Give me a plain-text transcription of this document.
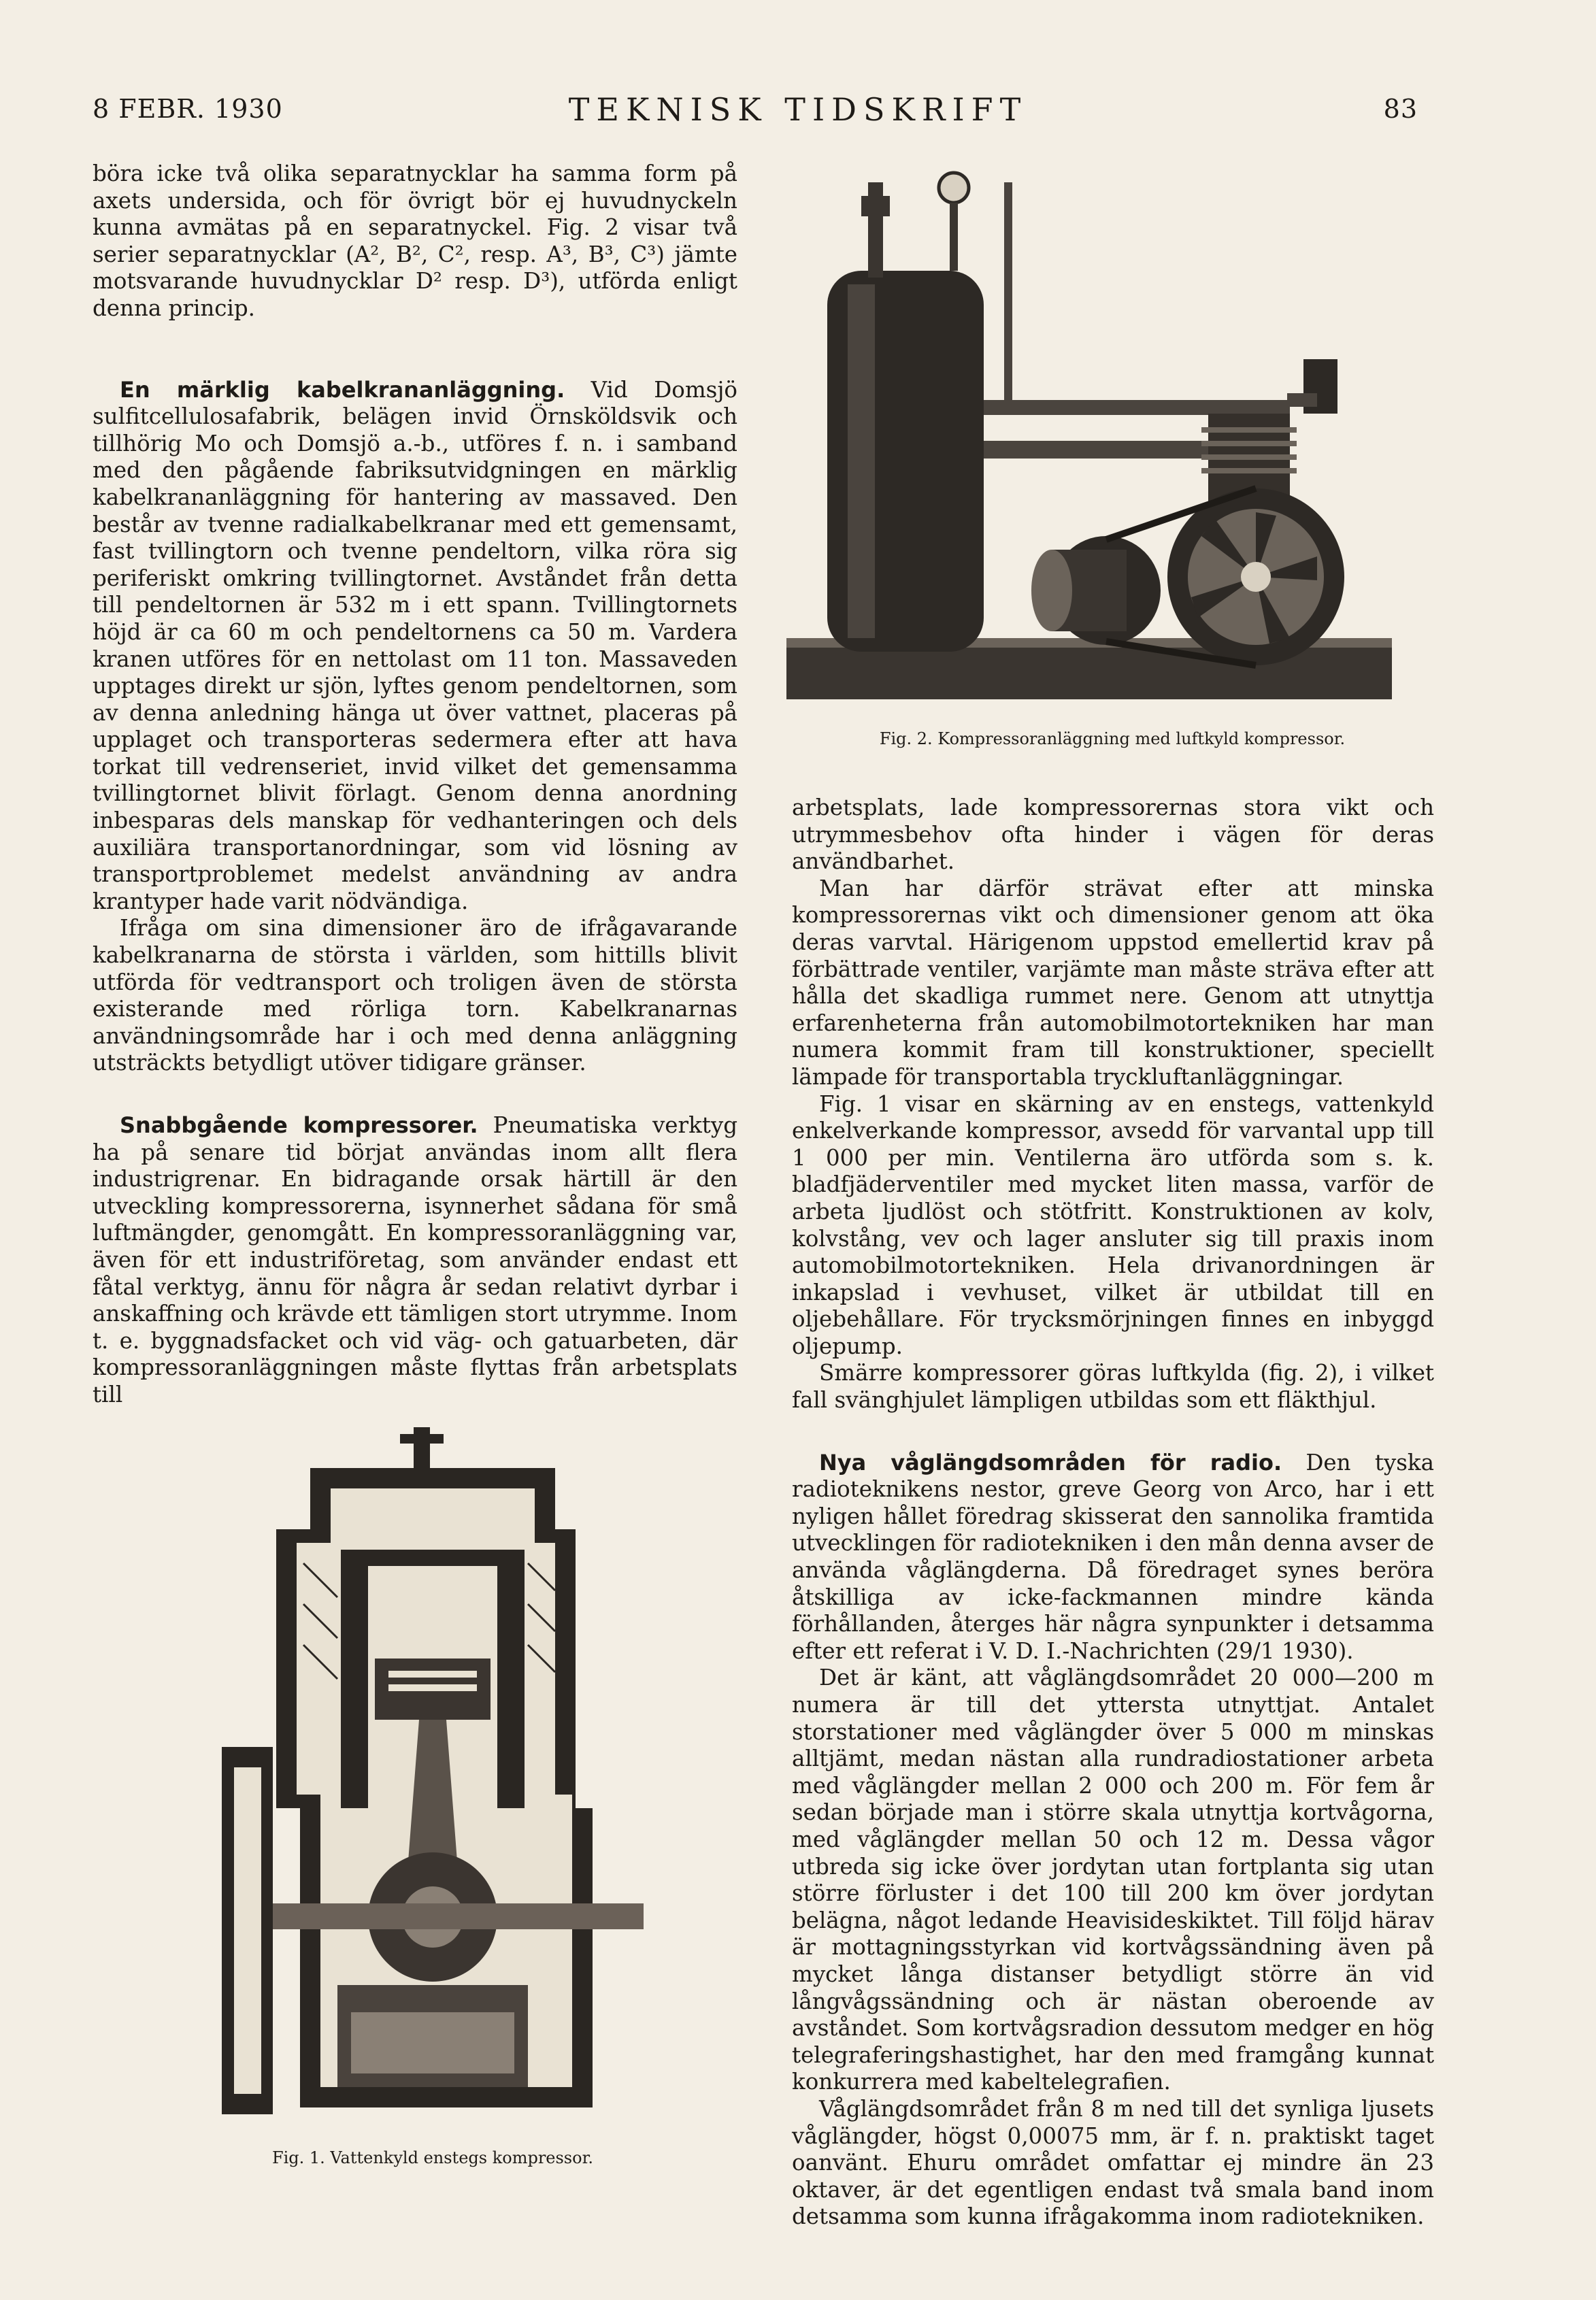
8 FEBR. 1930	TEKNISK TIDSKRIFT	83

böra icke två olika separatnycklar ha samma form på axets undersida, och för övrigt bör ej huvudnyckeln kunna avmätas på en separatnyckel. Fig. 2 visar två serier separatnycklar (A², B², C², resp. A³, B³, C³) jämte motsvarande huvudnycklar D² resp. D³), utförda enligt denna princip.

En märklig kabelkrananläggning. Vid Domsjö sulfitcellulosafabrik, belägen invid Örnsköldsvik och tillhörig Mo och Domsjö a.-b., utföres f. n. i samband med den pågående fabriksutvidgningen en märklig kabelkrananläggning för hantering av massaved. Den består av tvenne radialkabelkranar med ett gemensamt, fast tvillingtorn och tvenne pendeltorn, vilka röra sig periferiskt omkring tvillingtornet. Avståndet från detta till pendeltornen är 532 m i ett spann. Tvillingtornets höjd är ca 60 m och pendeltornens ca 50 m. Vardera kranen utföres för en nettolast om 11 ton. Massaveden upptages direkt ur sjön, lyftes genom pendeltornen, som av denna anledning hänga ut över vattnet, placeras på upplaget och transporteras sedermera efter att hava torkat till vedrenseriet, invid vilket det gemensamma tvillingtornet blivit förlagt. Genom denna anordning inbesparas dels manskap för vedhanteringen och dels auxiliära transportanordningar, som vid lösning av transportproblemet medelst användning av andra krantyper hade varit nödvändiga.

Ifråga om sina dimensioner äro de ifrågavarande kabelkranarna de största i världen, som hittills blivit utförda för vedtransport och troligen även de största existerande med rörliga torn. Kabelkranarnas användningsområde har i och med denna anläggning utsträckts betydligt utöver tidigare gränser.

Snabbgående kompressorer. Pneumatiska verktyg ha på senare tid börjat användas inom allt flera industrigrenar. En bidragande orsak härtill är den utveckling kompressorerna, isynnerhet sådana för små luftmängder, genomgått. En kompressoranläggning var, även för ett industriföretag, som använder endast ett fåtal verktyg, ännu för några år sedan relativt dyrbar i anskaffning och krävde ett tämligen stort utrymme. Inom t. e. byggnadsfacket och vid väg- och gatuarbeten, där kompressoranläggningen måste flyttas från arbetsplats till

Fig. 1. Vattenkyld enstegs kompressor.
Fig. 2. Kompressoranläggning med luftkyld kompressor.

arbetsplats, lade kompressorernas stora vikt och utrymmesbehov ofta hinder i vägen för deras användbarhet.

Man har därför strävat efter att minska kompressorernas vikt och dimensioner genom att öka deras varvtal. Härigenom uppstod emellertid krav på förbättrade ventiler, varjämte man måste sträva efter att hålla det skadliga rummet nere. Genom att utnyttja erfarenheterna från automobilmotortekniken har man numera kommit fram till konstruktioner, speciellt lämpade för transportabla tryckluftanläggningar.

Fig. 1 visar en skärning av en enstegs, vattenkyld enkelverkande kompressor, avsedd för varvantal upp till 1 000 per min. Ventilerna äro utförda som s. k. bladfjäderventiler med mycket liten massa, varför de arbeta ljudlöst och stötfritt. Konstruktionen av kolv, kolvstång, vev och lager ansluter sig till praxis inom automobilmotortekniken. Hela drivanordningen är inkapslad i vevhuset, vilket är utbildat till en oljebehållare. För trycksmörjningen finnes en inbyggd oljepump.

Smärre kompressorer göras luftkylda (fig. 2), i vilket fall svänghjulet lämpligen utbildas som ett fläkthjul.

Nya våglängdsområden för radio. Den tyska radioteknikens nestor, greve Georg von Arco, har i ett nyligen hållet föredrag skisserat den sannolika framtida utvecklingen för radiotekniken i den mån denna avser de använda våglängderna. Då föredraget synes beröra åtskilliga av icke-fackmannen mindre kända förhållanden, återges här några synpunkter i detsamma efter ett referat i V. D. I.-Nachrichten (29/1 1930).

Det är känt, att våglängdsområdet 20 000—200 m numera är till det yttersta utnyttjat. Antalet storstationer med våglängder över 5 000 m minskas alltjämt, medan nästan alla rundradiostationer arbeta med våglängder mellan 2 000 och 200 m. För fem år sedan började man i större skala utnyttja kortvågorna, med våglängder mellan 50 och 12 m. Dessa vågor utbreda sig icke över jordytan utan fortplanta sig utan större förluster i det 100 till 200 km över jordytan belägna, något ledande Heavisideskiktet. Till följd härav är mottagningsstyrkan vid kortvågssändning även på mycket långa distanser betydligt större än vid långvågssändning och är nästan oberoende av avståndet. Som kortvågsradion dessutom medger en hög telegraferingshastighet, har den med framgång kunnat konkurrera med kabeltelegrafien.

Våglängdsområdet från 8 m ned till det synliga ljusets våglängder, högst 0,00075 mm, är f. n. praktiskt taget oanvänt. Ehuru området omfattar ej mindre än 23 oktaver, är det egentligen endast två smala band inom detsamma som kunna ifrågakomma inom radiotekniken.
